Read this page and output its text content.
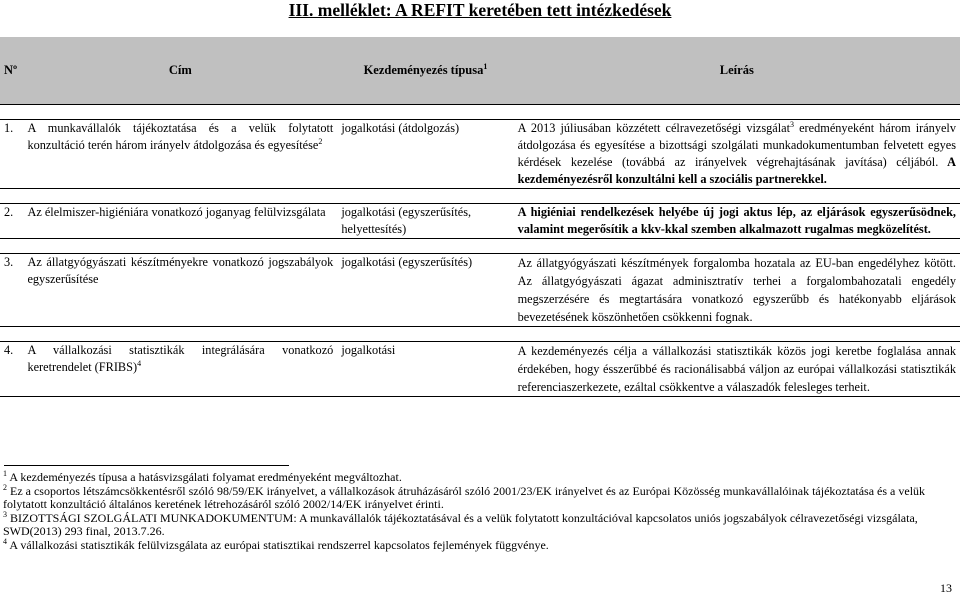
III. melléklet: A REFIT keretében tett intézkedések
Nº	Cím	Kezdeményezés típusa$^1$	Leírás

1.	A munkavállalók tájékoztatása és a velük folytatott konzultáció terén három irányelv átdolgozása és egyesítése$^2$	jogalkotási (átdolgozás)	A 2013 júliusában közzétett célravezetőségi vizsgálat$^3$ eredményeként három irányelv átdolgozása és egyesítése a bizottsági szolgálati munkadokumentumban felvetett egyes kérdések kezelése (továbbá az irányelvek végrehajtásának javítása) céljából. A kezdeményezésről konzultálni kell a szociális partnerekkel.

2.	Az élelmiszer-higiéniára vonatkozó joganyag felülvizsgálata	jogalkotási (egyszerűsítés, helyettesítés)	A higiéniai rendelkezések helyébe új jogi aktus lép, az eljárások egyszerűsödnek, valamint megerősítik a kkv-kkal szemben alkalmazott rugalmas megközelítést.

3.	Az állatgyógyászati készítményekre vonatkozó jogszabályok egyszerűsítése	jogalkotási (egyszerűsítés)	Az állatgyógyászati készítmények forgalomba hozatala az EU-ban engedélyhez kötött. Az állatgyógyászati ágazat adminisztratív terhei a forgalombahozatali engedély megszerzésére és megtartására vonatkozó egyszerűbb és hatékonyabb eljárások bevezetésének köszönhetően csökkenni fognak.

4.	A vállalkozási statisztikák integrálására vonatkozó keretrendelet (FRIBS)$^4$	jogalkotási	A kezdeményezés célja a vállalkozási statisztikák közös jogi keretbe foglalása annak érdekében, hogy ésszerűbbé és racionálisabbá váljon az európai vállalkozási statisztikák referenciaszerkezete, ezáltal csökkentve a válaszadók felesleges terheit.

$^1$ A kezdeményezés típusa a hatásvizsgálati folyamat eredményeként megváltozhat.

$^2$ Ez a csoportos létszámcsökkentésről szóló 98/59/EK irányelvet, a vállalkozások átruházásáról szóló 2001/23/EK irányelvet és az Európai Közösség munkavállalóinak tájékoztatása és a velük folytatott konzultáció általános keretének létrehozásáról szóló 2002/14/EK irányelvet érinti.

$^3$ BIZOTTSÁGI SZOLGÁLATI MUNKADOKUMENTUM: A munkavállalók tájékoztatásával és a velük folytatott konzultációval kapcsolatos uniós jogszabályok célravezetőségi vizsgálata, SWD(2013) 293 final, 2013.7.26.

$^4$ A vállalkozási statisztikák felülvizsgálata az európai statisztikai rendszerrel kapcsolatos fejlemények függvénye.

13
